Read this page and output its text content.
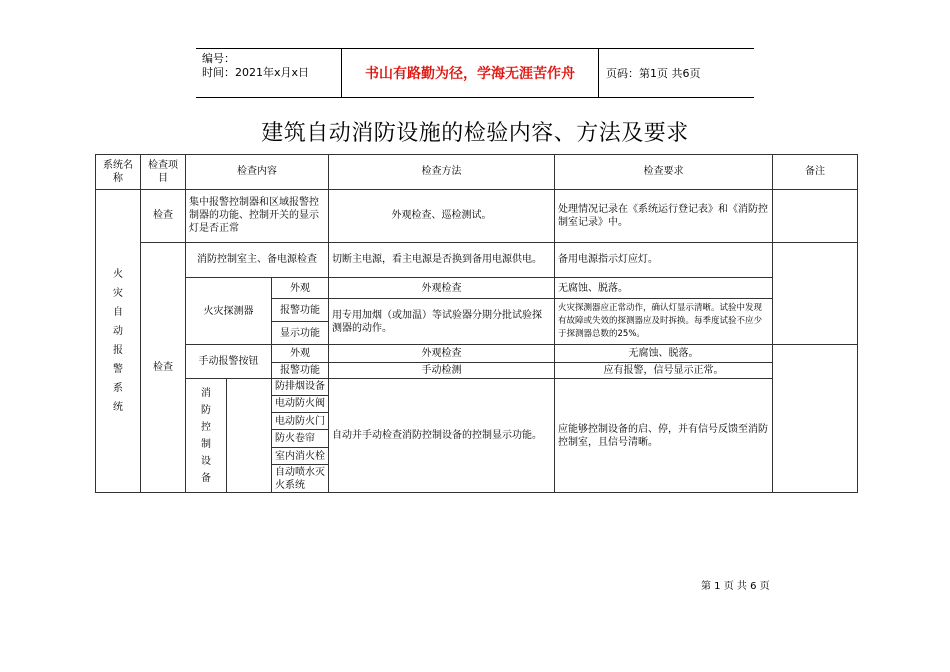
编号：
时间：2021年x月x日	书山有路勤为径，学海无涯苦作舟	页码：第1页 共6页
建筑自动消防设施的检验内容、方法及要求
系统名称	检查项目	检查内容		检查方法	检查要求	备注
火灾自动报警系统	检查	集中报警控制器和区域报警控制器的功能、控制开关的显示灯是否正常		外观检查、巡检测试。	处理情况记录在《系统运行登记表》和《消防控制室记录》中。	
	检查	消防控制室主、备电源检查		切断主电源，看主电源是否换到备用电源供电。	备用电源指示灯应灯。	
		火灾探测器	外观	外观检查	无腐蚀、脱落。	
			报警功能	用专用加烟（或加温）等试验器分期分批试验探测器的动作。	火灾探测器应正常动作，确认灯显示清晰。试验中发现有故障或失效的探测器应及时拆换。每季度试验不应少于探测器总数的25%。	
			显示功能			
		手动报警按钮	外观	外观检查	无腐蚀、脱落。	
			报警功能	手动检测	应有报警，信号显示正常。	

		消防控制设备	防排烟设备	自动并手动检查消防控制设备的控制显示功能。	应能够控制设备的启、停，并有信号反馈至消防控制室，且信号清晰。	
			电动防火阀			
			电动防火门			
			防火卷帘			
			室内消火栓			
			自动喷水灭火系统			
第 1 页 共 6 页
